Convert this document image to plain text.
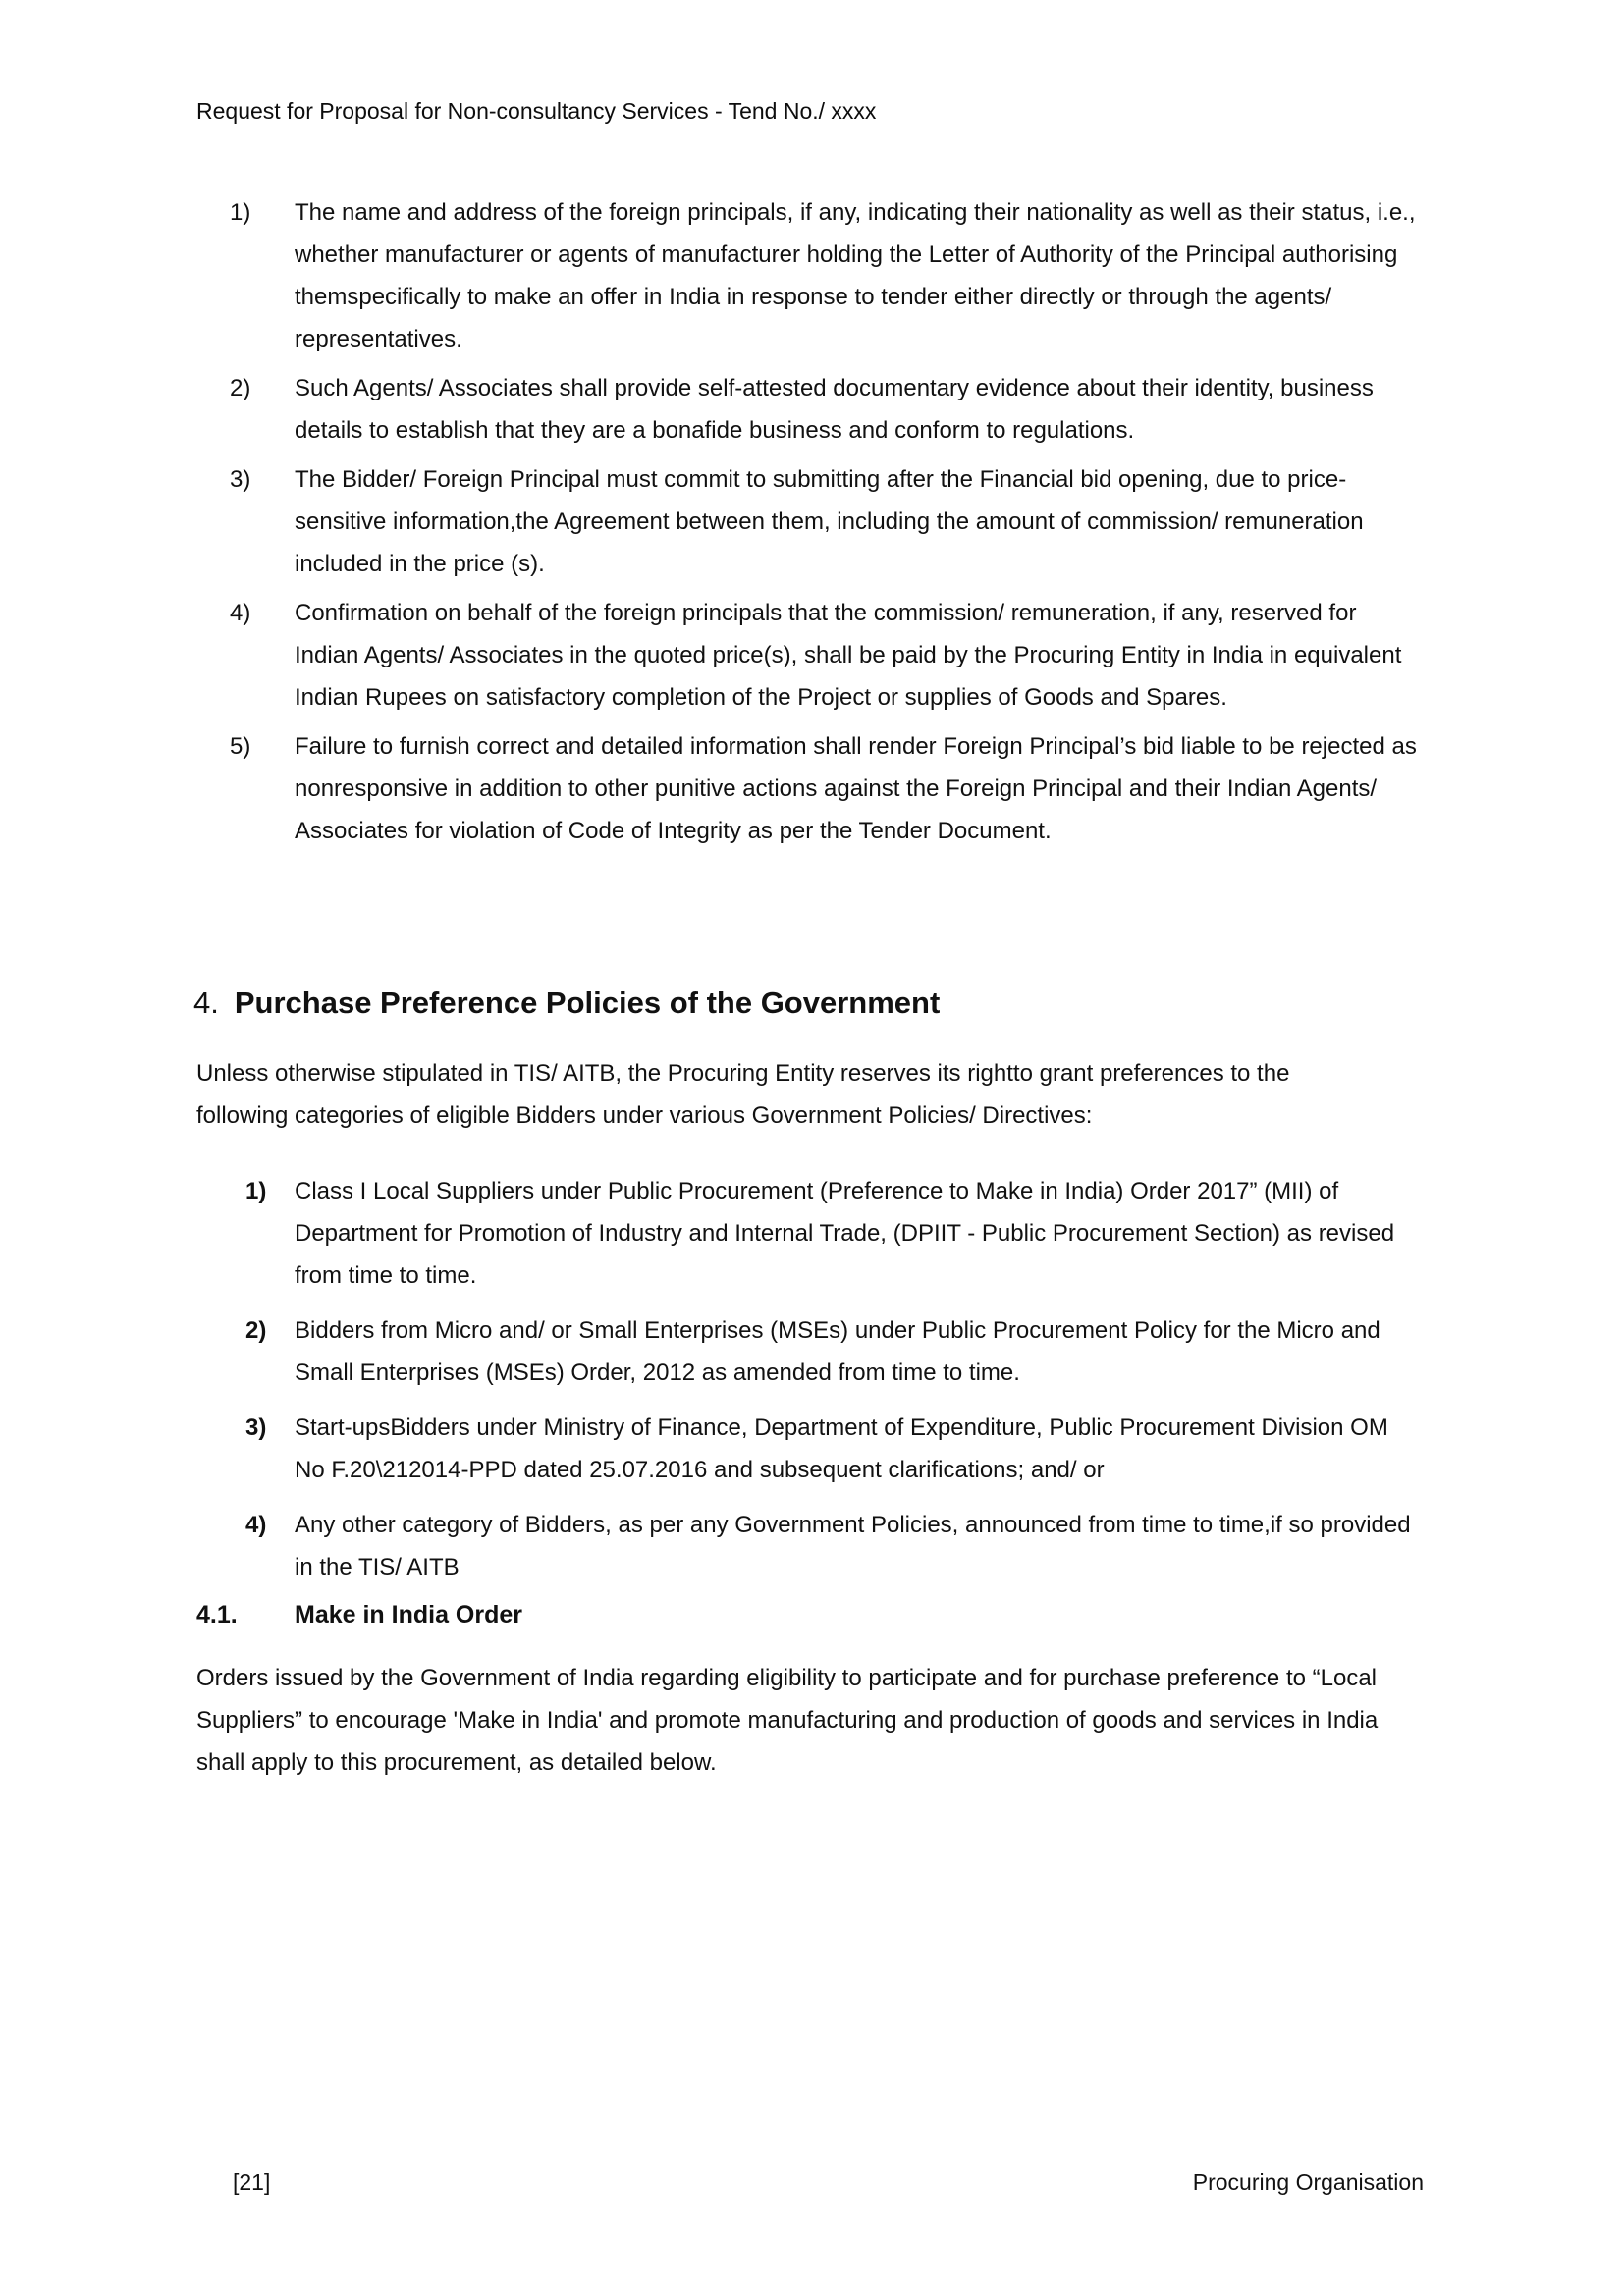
Request for Proposal for Non-consultancy Services - Tend No./ xxxx
1)	The name and address of the foreign principals, if any, indicating their nationality as well as their status, i.e., whether manufacturer or agents of manufacturer holding the Letter of Authority of the Principal authorising themspecifically to make an offer in India in response to tender either directly or through the agents/ representatives.
2)	Such Agents/ Associates shall provide self-attested documentary evidence about their identity, business details to establish that they are a bonafide business and conform to regulations.
3)	The Bidder/ Foreign Principal must commit to submitting after the Financial bid opening, due to price-sensitive information,the Agreement between them, including the amount of commission/ remuneration included in the price (s).
4)	Confirmation on behalf of the foreign principals that the commission/ remuneration, if any, reserved for Indian Agents/ Associates in the quoted price(s), shall be paid by the Procuring Entity in India in equivalent Indian Rupees on satisfactory completion of the Project or supplies of Goods and Spares.
5)	Failure to furnish correct and detailed information shall render Foreign Principal’s bid liable to be rejected as nonresponsive in addition to other punitive actions against the Foreign Principal and their Indian Agents/ Associates for violation of Code of Integrity as per the Tender Document.
4. Purchase Preference Policies of the Government
Unless otherwise stipulated in TIS/ AITB, the Procuring Entity reserves its rightto grant preferences to the following categories of eligible Bidders under various Government Policies/ Directives:
1)	Class I Local Suppliers under Public Procurement (Preference to Make in India) Order 2017” (MII) of Department for Promotion of Industry and Internal Trade, (DPIIT - Public Procurement Section) as revised from time to time.
2)	Bidders from Micro and/ or Small Enterprises (MSEs) under Public Procurement Policy for the Micro and Small Enterprises (MSEs) Order, 2012 as amended from time to time.
3)	Start-upsBidders under Ministry of Finance, Department of Expenditure, Public Procurement Division OM No F.20\212014-PPD dated 25.07.2016 and subsequent clarifications; and/ or
4)	Any other category of Bidders, as per any Government Policies, announced from time to time,if so provided in the TIS/ AITB
4.1. Make in India Order
Orders issued by the Government of India regarding eligibility to participate and for purchase preference to “Local Suppliers” to encourage 'Make in India' and promote manufacturing and production of goods and services in India shall apply to this procurement, as detailed below.
[21]	Procuring Organisation
